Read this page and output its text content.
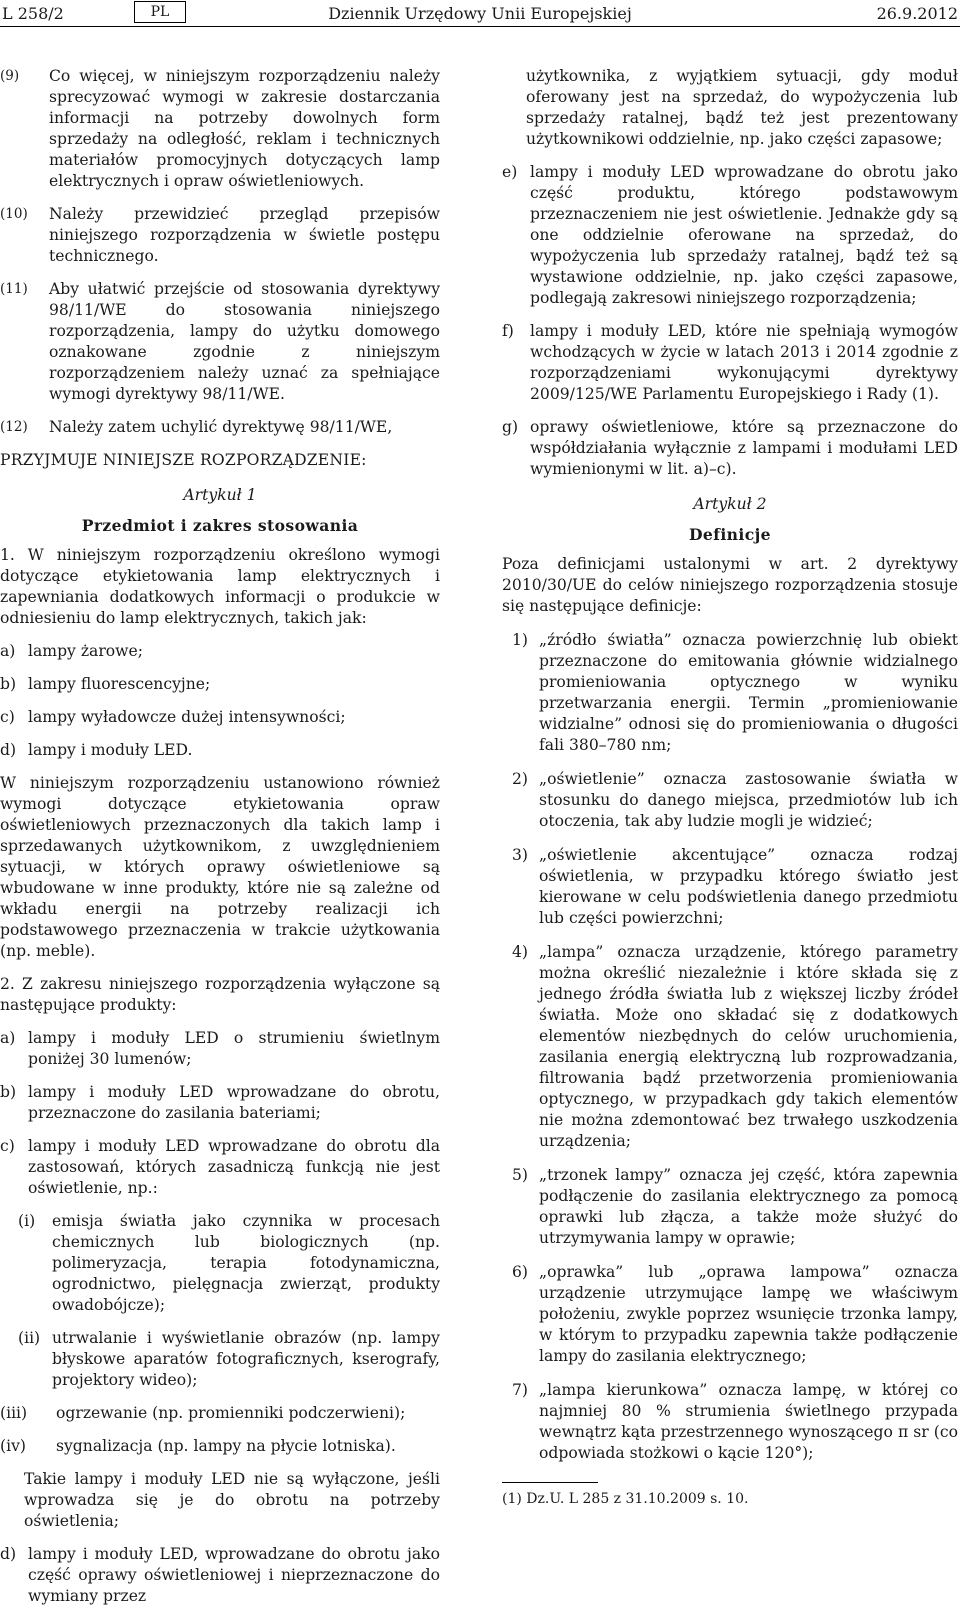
L 258/2	Dziennik Urzędowy Unii Europejskiej
PL	26.9.2012
(9) Co więcej, w niniejszym rozporządzeniu należy sprecyzować wymogi w zakresie dostarczania informacji na potrzeby dowolnych form sprzedaży na odległość, reklam i technicznych materiałów promocyjnych dotyczących lamp elektrycznych i opraw oświetleniowych.
(10) Należy przewidzieć przegląd przepisów niniejszego rozporządzenia w świetle postępu technicznego.
(11) Aby ułatwić przejście od stosowania dyrektywy 98/11/WE do stosowania niniejszego rozporządzenia, lampy do użytku domowego oznakowane zgodnie z niniejszym rozporządzeniem należy uznać za spełniające wymogi dyrektywy 98/11/WE.
(12) Należy zatem uchylić dyrektywę 98/11/WE,

PRZYJMUJE NINIEJSZE ROZPORZĄDZENIE:

Artykuł 1

Przedmiot i zakres stosowania

1. W niniejszym rozporządzeniu określono wymogi dotyczące etykietowania lamp elektrycznych i zapewniania dodatkowych informacji o produkcie w odniesieniu do lamp elektrycznych, takich jak:

a) lampy żarowe;
b) lampy fluorescencyjne;
c) lampy wyładowcze dużej intensywności;
d) lampy i moduły LED.

W niniejszym rozporządzeniu ustanowiono również wymogi dotyczące etykietowania opraw oświetleniowych przeznaczonych dla takich lamp i sprzedawanych użytkownikom, z uwzględnieniem sytuacji, w których oprawy oświetleniowe są wbudowane w inne produkty, które nie są zależne od wkładu energii na potrzeby realizacji ich podstawowego przeznaczenia w trakcie użytkowania (np. meble).

2. Z zakresu niniejszego rozporządzenia wyłączone są następujące produkty:

a) lampy i moduły LED o strumieniu świetlnym poniżej 30 lumenów;
b) lampy i moduły LED wprowadzane do obrotu, przeznaczone do zasilania bateriami;
c) lampy i moduły LED wprowadzane do obrotu dla zastosowań, których zasadniczą funkcją nie jest oświetlenie, np.:
(i) emisja światła jako czynnika w procesach chemicznych lub biologicznych (np. polimeryzacja, terapia fotodynamiczna, ogrodnictwo, pielęgnacja zwierząt, produkty owadobójcze);
(ii) utrwalanie i wyświetlanie obrazów (np. lampy błyskowe aparatów fotograficznych, kserografy, projektory wideo);
(iii) ogrzewanie (np. promienniki podczerwieni);
(iv) sygnalizacja (np. lampy na płycie lotniska).

Takie lampy i moduły LED nie są wyłączone, jeśli wprowadza się je do obrotu na potrzeby oświetlenia;

d) lampy i moduły LED, wprowadzane do obrotu jako część oprawy oświetleniowej i nieprzeznaczone do wymiany przez

użytkownika, z wyjątkiem sytuacji, gdy moduł oferowany jest na sprzedaż, do wypożyczenia lub sprzedaży ratalnej, bądź też jest prezentowany użytkownikowi oddzielnie, np. jako części zapasowe;

e) lampy i moduły LED wprowadzane do obrotu jako część produktu, którego podstawowym przeznaczeniem nie jest oświetlenie. Jednakże gdy są one oddzielnie oferowane na sprzedaż, do wypożyczenia lub sprzedaży ratalnej, bądź też są wystawione oddzielnie, np. jako części zapasowe, podlegają zakresowi niniejszego rozporządzenia;
f) lampy i moduły LED, które nie spełniają wymogów wchodzących w życie w latach 2013 i 2014 zgodnie z rozporządzeniami wykonującymi dyrektywy 2009/125/WE Parlamentu Europejskiego i Rady (1).
g) oprawy oświetleniowe, które są przeznaczone do współdziałania wyłącznie z lampami i modułami LED wymienionymi w lit. a)–c).

Artykuł 2

Definicje

Poza definicjami ustalonymi w art. 2 dyrektywy 2010/30/UE do celów niniejszego rozporządzenia stosuje się następujące definicje:

1) „źródło światła” oznacza powierzchnię lub obiekt przeznaczone do emitowania głównie widzialnego promieniowania optycznego w wyniku przetwarzania energii. Termin „promieniowanie widzialne” odnosi się do promieniowania o długości fali 380–780 nm;
2) „oświetlenie” oznacza zastosowanie światła w stosunku do danego miejsca, przedmiotów lub ich otoczenia, tak aby ludzie mogli je widzieć;
3) „oświetlenie akcentujące” oznacza rodzaj oświetlenia, w przypadku którego światło jest kierowane w celu podświetlenia danego przedmiotu lub części powierzchni;
4) „lampa” oznacza urządzenie, którego parametry można określić niezależnie i które składa się z jednego źródła światła lub z większej liczby źródeł światła. Może ono składać się z dodatkowych elementów niezbędnych do celów uruchomienia, zasilania energią elektryczną lub rozprowadzania, filtrowania bądź przetworzenia promieniowania optycznego, w przypadkach gdy takich elementów nie można zdemontować bez trwałego uszkodzenia urządzenia;
5) „trzonek lampy” oznacza jej część, która zapewnia podłączenie do zasilania elektrycznego za pomocą oprawki lub złącza, a także może służyć do utrzymywania lampy w oprawie;
6) „oprawka” lub „oprawa lampowa” oznacza urządzenie utrzymujące lampę we właściwym położeniu, zwykle poprzez wsunięcie trzonka lampy, w którym to przypadku zapewnia także podłączenie lampy do zasilania elektrycznego;
7) „lampa kierunkowa” oznacza lampę, w której co najmniej 80 % strumienia świetlnego przypada wewnątrz kąta przestrzennego wynoszącego π sr (co odpowiada stożkowi o kącie 120°);

(1) Dz.U. L 285 z 31.10.2009 s. 10.
